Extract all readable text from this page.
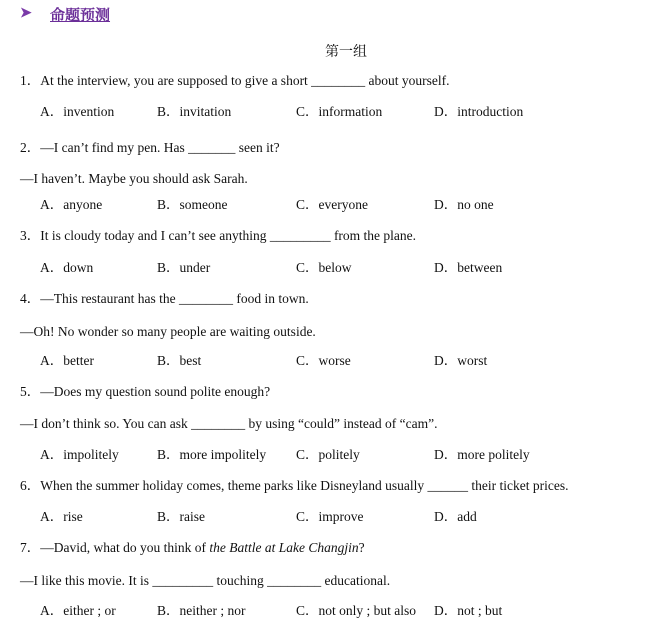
➤ 命题预测
第一组
1．At the interview, you are supposed to give a short ________ about yourself.
A．invention	B．invitation	C．information	D．introduction
2．—I can’t find my pen. Has _______ seen it?
—I haven’t. Maybe you should ask Sarah.
A．anyone	B．someone	C．everyone	D．no one
3．It is cloudy today and I can’t see anything _________ from the plane.
A．down	B．under	C．below	D．between
4．—This restaurant has the ________ food in town.
—Oh! No wonder so many people are waiting outside.
A．better	B．best	C．worse	D．worst
5．—Does my question sound polite enough?
—I don’t think so. You can ask ________ by using “could” instead of “cam”.
A．impolitely	B．more impolitely C．politely	D．more politely
6．When the summer holiday comes, theme parks like Disneyland usually ______ their ticket prices.
A．rise	B．raise	C．improve	D．add
7．—David, what do you think of the Battle at Lake Changjin?
—I like this movie. It is _________ touching ________ educational.
A．either ; or	B．neither ; nor	C．not only ; but also D．not ; but
